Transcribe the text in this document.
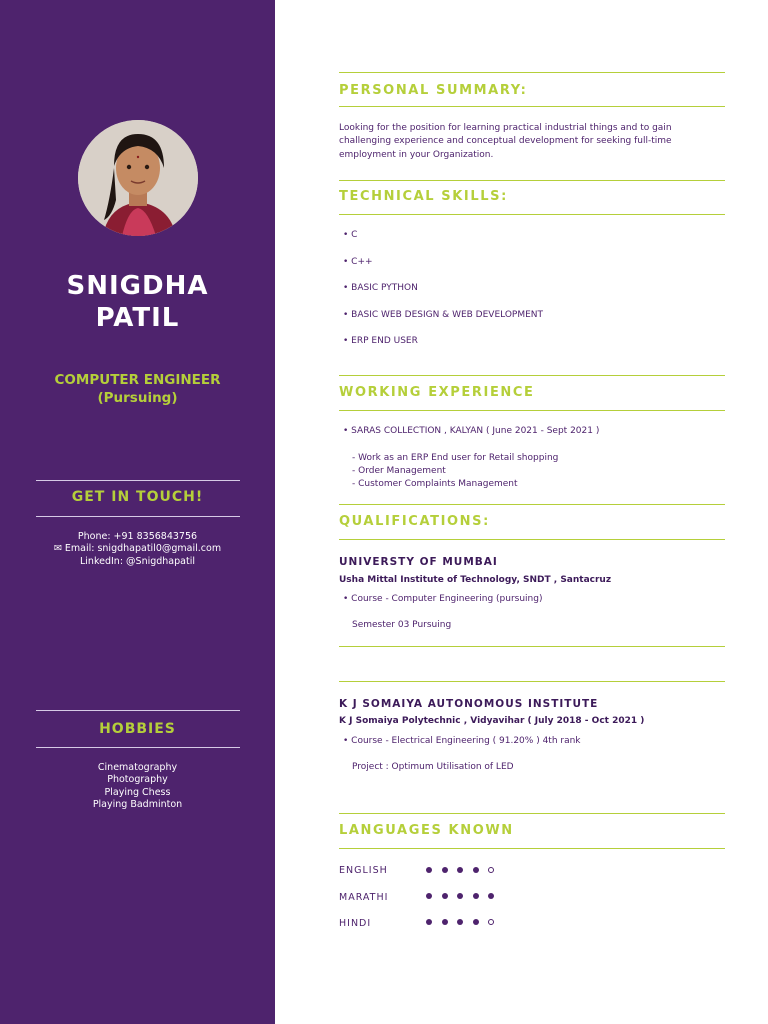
SNIGDHA
PATIL
COMPUTER ENGINEER
(Pursuing)
GET IN TOUCH!
Phone: +91 8356843756
✉ Email: snigdhapatil0@gmail.com
LinkedIn: @Snigdhapatil
HOBBIES
Cinematography
Photography
Playing Chess
Playing Badminton
PERSONAL SUMMARY:
Looking for the position for learning practical industrial things and to gain challenging experience and conceptual development for seeking full-time employment in your Organization.
TECHNICAL SKILLS:
• C
• C++
• BASIC PYTHON
• BASIC WEB DESIGN & WEB DEVELOPMENT
• ERP END USER
WORKING EXPERIENCE
• SARAS COLLECTION , KALYAN ( June 2021 - Sept 2021 )
- Work as an ERP End user for Retail shopping
- Order Management
- Customer Complaints Management
QUALIFICATIONS:
UNIVERSTY OF MUMBAI
Usha Mittal Institute of Technology, SNDT , Santacruz
• Course - Computer Engineering (pursuing)
Semester 03 Pursuing
K J SOMAIYA AUTONOMOUS INSTITUTE
K J Somaiya Polytechnic , Vidyavihar ( July 2018 - Oct 2021 )
• Course - Electrical Engineering ( 91.20% ) 4th rank
Project : Optimum Utilisation of LED
LANGUAGES KNOWN
ENGLISH
MARATHI
HINDI
